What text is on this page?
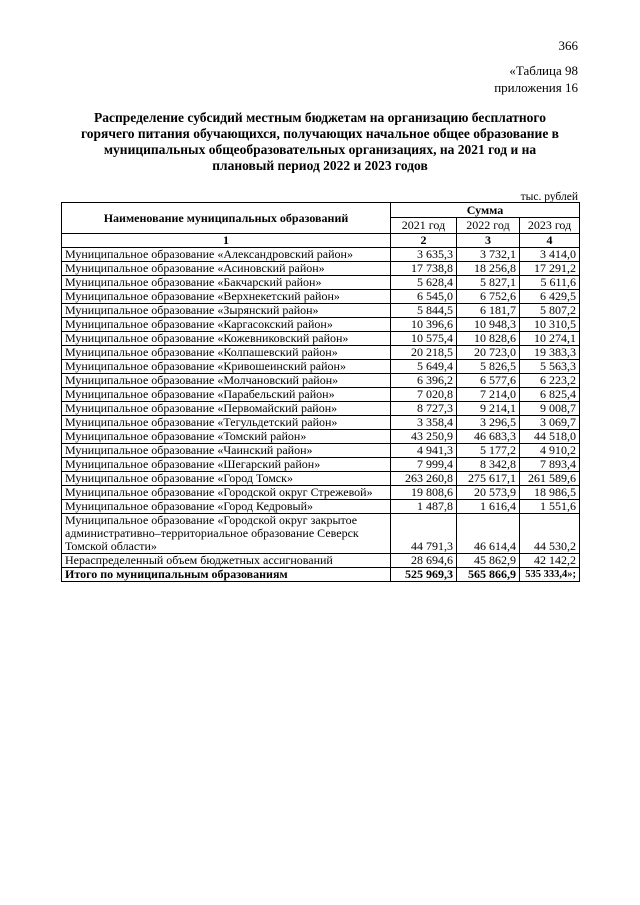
366
«Таблица 98
приложения 16
Распределение субсидий местным бюджетам на организацию бесплатного
горячего питания обучающихся, получающих начальное общее образование в
муниципальных общеобразовательных организациях, на 2021 год и на
плановый период 2022 и 2023 годов
тыс. рублей
Наименование муниципальных образований	Сумма		
	2021 год	2022 год	2023 год
1	2	3	4
Муниципальное образование «Александровский район»	3 635,3	3 732,1	3 414,0
Муниципальное образование «Асиновский район»	17 738,8	18 256,8	17 291,2
Муниципальное образование «Бакчарский район»	5 628,4	5 827,1	5 611,6
Муниципальное образование «Верхнекетский район»	6 545,0	6 752,6	6 429,5
Муниципальное образование «Зырянский район»	5 844,5	6 181,7	5 807,2
Муниципальное образование «Каргасокский район»	10 396,6	10 948,3	10 310,5
Муниципальное образование «Кожевниковский район»	10 575,4	10 828,6	10 274,1
Муниципальное образование «Колпашевский район»	20 218,5	20 723,0	19 383,3
Муниципальное образование «Кривошеинский район»	5 649,4	5 826,5	5 563,3
Муниципальное образование «Молчановский район»	6 396,2	6 577,6	6 223,2
Муниципальное образование «Парабельский район»	7 020,8	7 214,0	6 825,4
Муниципальное образование «Первомайский район»	8 727,3	9 214,1	9 008,7
Муниципальное образование «Тегульдетский район»	3 358,4	3 296,5	3 069,7
Муниципальное образование «Томский район»	43 250,9	46 683,3	44 518,0
Муниципальное образование «Чаинский район»	4 941,3	5 177,2	4 910,2
Муниципальное образование «Шегарский район»	7 999,4	8 342,8	7 893,4
Муниципальное образование «Город Томск»	263 260,8	275 617,1	261 589,6
Муниципальное образование «Городской округ Стрежевой»	19 808,6	20 573,9	18 986,5
Муниципальное образование «Город Кедровый»	1 487,8	1 616,4	1 551,6
Муниципальное образование «Городской округ закрытое административно–территориальное образование Северск Томской области»	44 791,3	46 614,4	44 530,2
Нераспределенный объем бюджетных ассигнований	28 694,6	45 862,9	42 142,2
Итого по муниципальным образованиям	525 969,3	565 866,9	535 333,4»;
